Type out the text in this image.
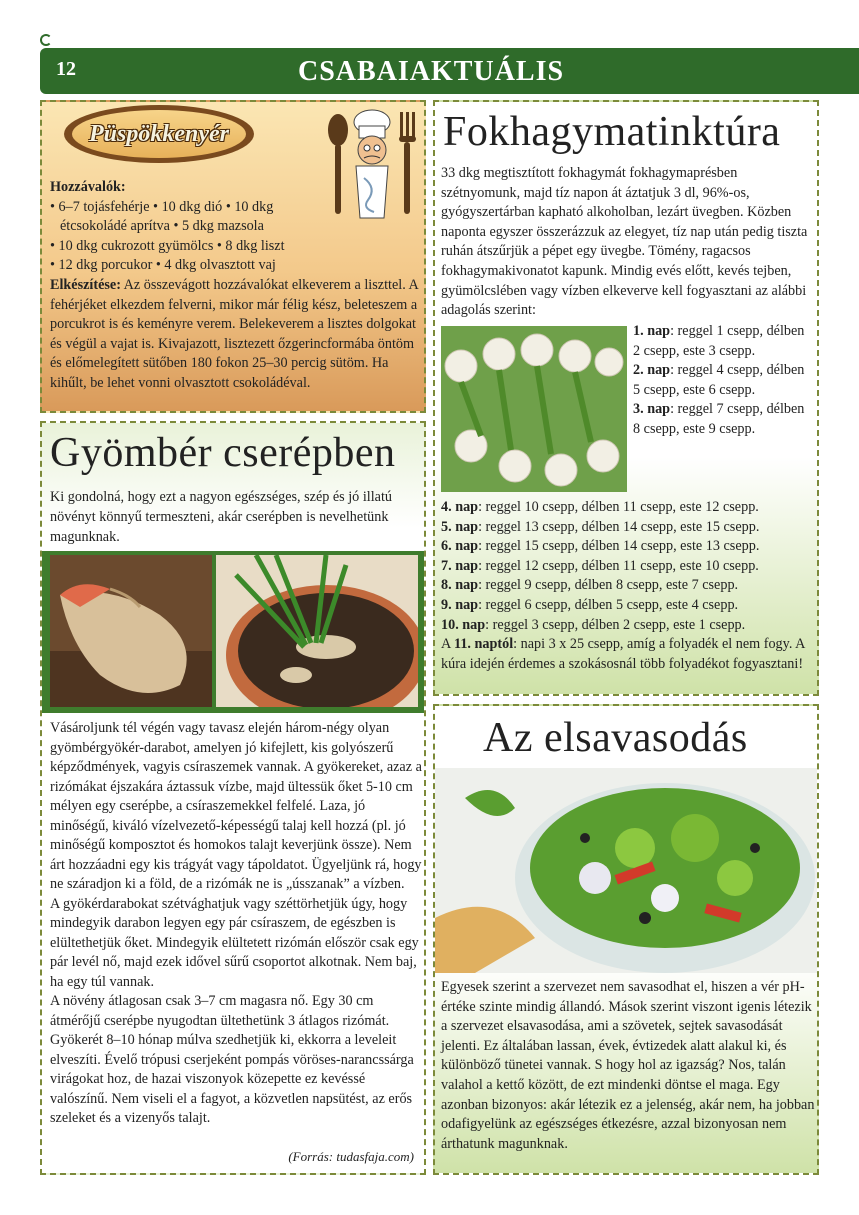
12	CSABAIAKTUÁLIS
Püspökkenyér
Hozzávalók:
• 6–7 tojásfehérje • 10 dkg dió • 10 dkg
étcsokoládé aprítva • 5 dkg mazsola
• 10 dkg cukrozott gyümölcs • 8 dkg liszt
• 12 dkg porcukor • 4 dkg olvasztott vaj
Elkészítése: Az összevágott hozzávalókat elkeverem a liszttel. A fehérjéket elkezdem felverni, mikor már félig kész, beleteszem a porcukrot is és keményre verem. Belekeverem a lisztes dolgokat és végül a vajat is. Kivajazott, lisztezett őzgerincformába öntöm és előmelegített sütőben 180 fokon 25–30 percig sütöm. Ha kihűlt, be lehet vonni olvasztott csokoládéval.
Gyömbér cserépben
Ki gondolná, hogy ezt a nagyon egészséges, szép és jó illatú növényt könnyű termeszteni, akár cserépben is nevelhetünk magunknak.

Vásároljunk tél végén vagy tavasz elején három-négy olyan gyömbérgyökér-darabot, amelyen jó kifejlett, kis golyószerű képződmények, vagyis csíraszemek vannak. A gyökereket, azaz a rizómákat éjszakára áztassuk vízbe, majd ültessük őket 5-10 cm mélyen egy cserépbe, a csíraszemekkel felfelé. Laza, jó minőségű, kiváló vízelvezető-képességű talaj kell hozzá (pl. jó minőségű komposztot és homokos talajt keverjünk össze). Nem árt hozzáadni egy kis trágyát vagy tápoldatot. Ügyeljünk rá, hogy ne száradjon ki a föld, de a rizómák ne is „ússzanak” a vízben.

A gyökérdarabokat szétvághatjuk vagy széttörhetjük úgy, hogy mindegyik darabon legyen egy pár csíraszem, de egészben is elültethetjük őket. Mindegyik elültetett rizómán először csak egy pár levél nő, majd ezek idővel sűrű csoportot alkotnak. Nem baj, ha egy túl vannak.

A növény átlagosan csak 3–7 cm magasra nő. Egy 30 cm átmérőjű cserépbe nyugodtan ültethetünk 3 átlagos rizómát. Gyökerét 8–10 hónap múlva szedhetjük ki, ekkorra a leveleit elveszíti. Évelő trópusi cserjeként pompás vöröses-narancssárga virágokat hoz, de hazai viszonyok közepette ez kevéssé valószínű. Nem viseli el a fagyot, a közvetlen napsütést, az erős szeleket és a vizenyős talajt.

(Forrás: tudasfaja.com)
Fokhagymatinktúra
33 dkg megtisztított fokhagymát fokhagymaprésben szétnyomunk, majd tíz napon át áztatjuk 3 dl, 96%-os, gyógyszertárban kapható alkoholban, lezárt üvegben. Közben naponta egyszer összerázzuk az elegyet, tíz nap után pedig tiszta ruhán átszűrjük a pépet egy üvegbe. Tömény, ragacsos fokhagymakivonatot kapunk. Mindig evés előtt, kevés tejben, gyümölcslében vagy vízben elkeverve kell fogyasztani az alábbi adagolás szerint:
1. nap: reggel 1 csepp, délben 2 csepp, este 3 csepp.
2. nap: reggel 4 csepp, délben 5 csepp, este 6 csepp.
3. nap: reggel 7 csepp, délben 8 csepp, este 9 csepp.
4. nap: reggel 10 csepp, délben 11 csepp, este 12 csepp.
5. nap: reggel 13 csepp, délben 14 csepp, este 15 csepp.
6. nap: reggel 15 csepp, délben 14 csepp, este 13 csepp.
7. nap: reggel 12 csepp, délben 11 csepp, este 10 csepp.
8. nap: reggel 9 csepp, délben 8 csepp, este 7 csepp.
9. nap: reggel 6 csepp, délben 5 csepp, este 4 csepp.
10. nap: reggel 3 csepp, délben 2 csepp, este 1 csepp.
A 11. naptól: napi 3 x 25 csepp, amíg a folyadék el nem fogy. A kúra idején érdemes a szokásosnál több folyadékot fogyasztani!
Az elsavasodás
Egyesek szerint a szervezet nem savasodhat el, hiszen a vér pH-értéke szinte mindig állandó. Mások szerint viszont igenis létezik a szervezet elsavasodása, ami a szövetek, sejtek savasodását jelenti. Ez általában lassan, évek, évtizedek alatt alakul ki, és különböző tünetei vannak. S hogy hol az igazság? Nos, talán valahol a kettő között, de ezt mindenki döntse el maga. Egy azonban bizonyos: akár létezik ez a jelenség, akár nem, ha jobban odafigyelünk az egészséges étkezésre, azzal bizonyosan nem árthatunk magunknak.
